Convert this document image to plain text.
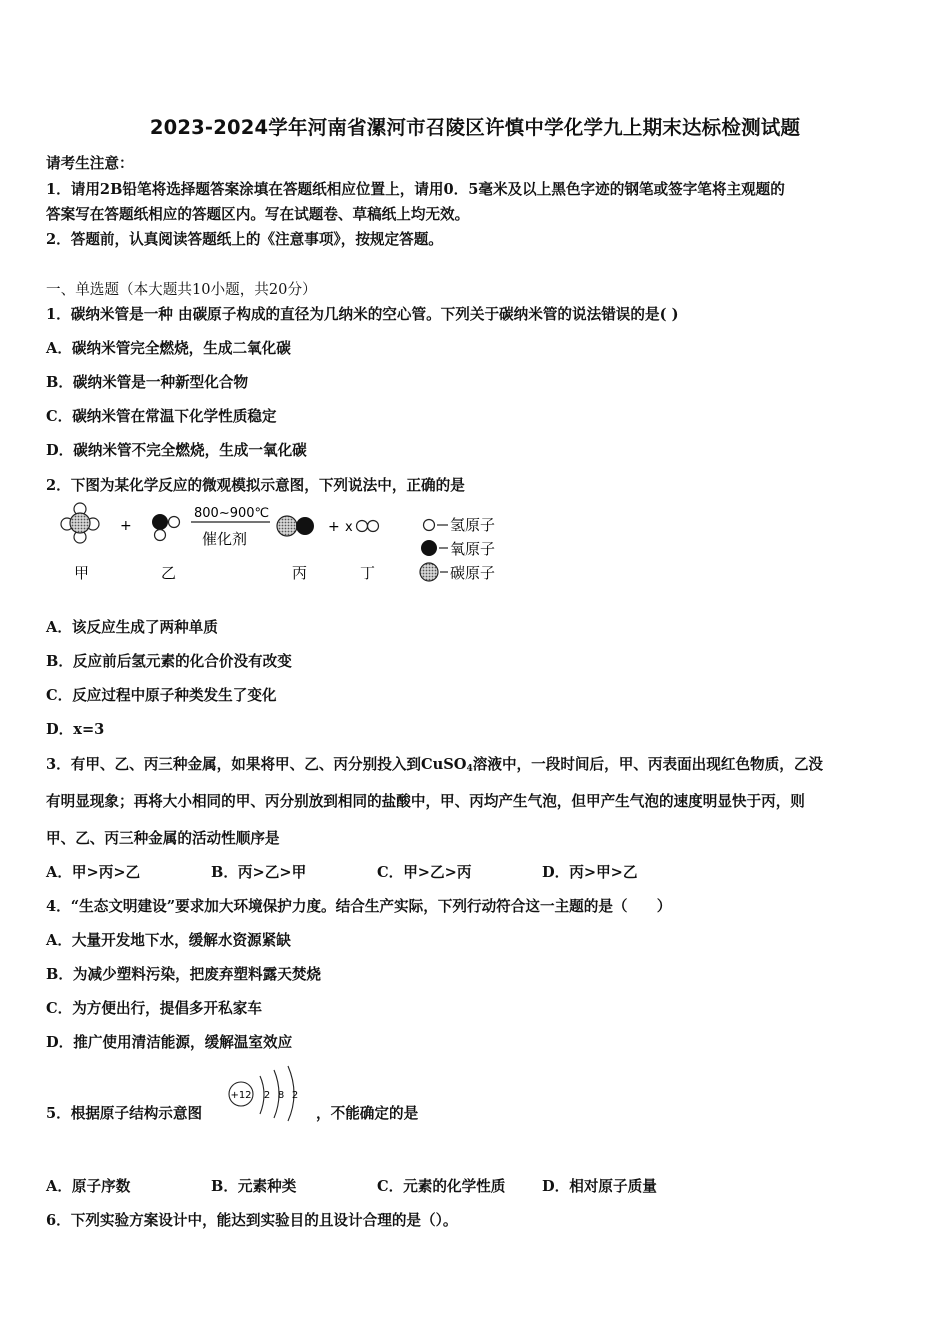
2023-2024学年河南省漯河市召陵区许慎中学化学九上期末达标检测试题
请考生注意：
1．请用2B铅笔将选择题答案涂填在答题纸相应位置上，请用0．5毫米及以上黑色字迹的钢笔或签字笔将主观题的
答案写在答题纸相应的答题区内。写在试题卷、草稿纸上均无效。
2．答题前，认真阅读答题纸上的《注意事项》，按规定答题。
一、单选题（本大题共10小题，共20分）
1．碳纳米管是一种 由碳原子构成的直径为几纳米的空心管。下列关于碳纳米管的说法错误的是( )
A．碳纳米管完全燃烧，生成二氧化碳
B．碳纳米管是一种新型化合物
C．碳纳米管在常温下化学性质稳定
D．碳纳米管不完全燃烧，生成一氧化碳
2．下图为某化学反应的微观模拟示意图，下列说法中，正确的是
+
800~900℃
催化剂
+ x
甲	乙	丙	丁
氢原子
氧原子
碳原子
A．该反应生成了两种单质
B．反应前后氢元素的化合价没有改变
C．反应过程中原子种类发生了变化
D．x=3
3．有甲、乙、丙三种金属，如果将甲、乙、丙分别投入到CuSO$_4$溶液中，一段时间后，甲、丙表面出现红色物质，乙没
有明显现象；再将大小相同的甲、丙分别放到相同的盐酸中，甲、丙均产生气泡，但甲产生气泡的速度明显快于丙，则
甲、乙、丙三种金属的活动性顺序是
A．甲>丙>乙	B．丙>乙>甲	C．甲>乙>丙	D．丙>甲>乙
4．“生态文明建设”要求加大环境保护力度。结合生产实际，下列行动符合这一主题的是（　　）
A．大量开发地下水，缓解水资源紧缺
B．为减少塑料污染，把废弃塑料露天焚烧
C．为方便出行，提倡多开私家车
D．推广使用清洁能源，缓解温室效应
5．根据原子结构示意图
+12 2 8 2
，不能确定的是
A．原子序数	B．元素种类	C．元素的化学性质	D．相对原子质量
6．下列实验方案设计中，能达到实验目的且设计合理的是（）。
